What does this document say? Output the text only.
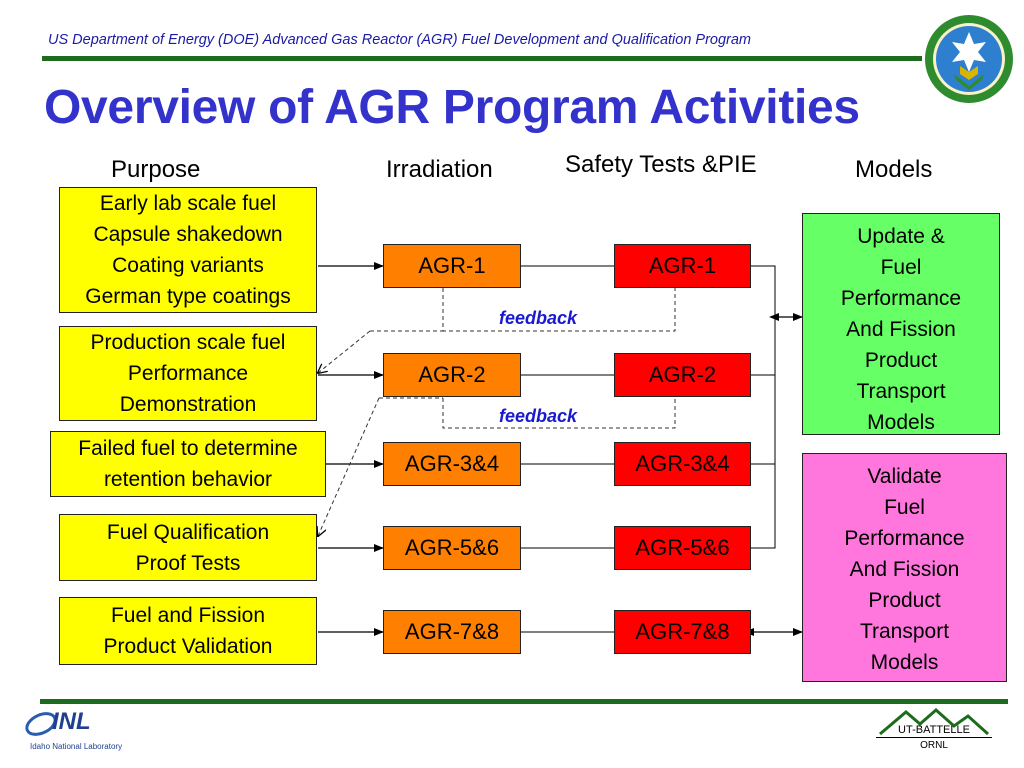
US Department of Energy (DOE) Advanced Gas Reactor (AGR) Fuel Development and Qualification Program
Overview of AGR Program Activities
Purpose	Irradiation	Safety Tests &PIE	Models
feedback
feedback
Early lab scale fuel
Capsule shakedown
Coating variants
German type coatings
Production scale fuel
Performance
Demonstration
Failed fuel to determine
retention behavior
Fuel Qualification
Proof Tests
Fuel and Fission
Product Validation
AGR-1
AGR-2
AGR-3&4
AGR-5&6
AGR-7&8
AGR-1
AGR-2
AGR-3&4
AGR-5&6
AGR-7&8
Update &
Fuel
Performance
And Fission
Product
Transport
Models
Validate
Fuel
Performance
And Fission
Product
Transport
Models
INL
Idaho National Laboratory
UT-BATTELLE
ORNL
